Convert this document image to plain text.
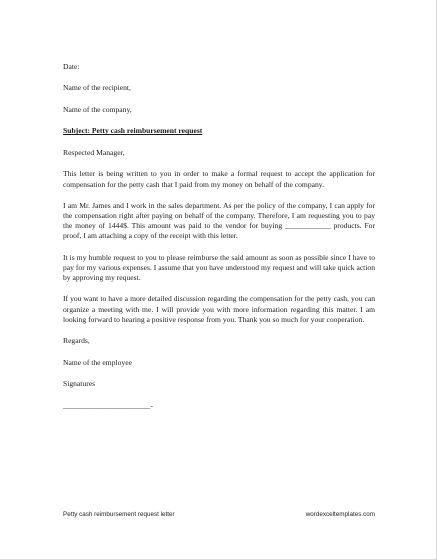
Date:

Name of the recipient,

Name of the company,

Subject: Petty cash reimbursement request

Respected Manager,

This letter is being written to you in order to make a formal request to accept the application for compensation for the petty cash that I paid from my money on behalf of the company.

I am Mr. James and I work in the sales department. As per the policy of the company, I can apply for the compensation right after paying on behalf of the company. Therefore, I am requesting you to pay the money of 1444$. This amount was paid to the vendor for buying ____________ products. For proof, I am attaching a copy of the receipt with this letter.

It is my humble request to you to please reimburse the said amount as soon as possible since I have to pay for my various expenses. I assume that you have understood my request and will take quick action by approving my request.

If you want to have a more detailed discussion regarding the compensation for the petty cash, you can organize a meeting with me. I will provide you with more information regarding this matter. I am looking forward to hearing a positive response from you. Thank you so much for your cooperation.

Regards,

Name of the employee

Signatures

_______________________-

Petty cash reimbursement request letter	wordexceltemplates.com
